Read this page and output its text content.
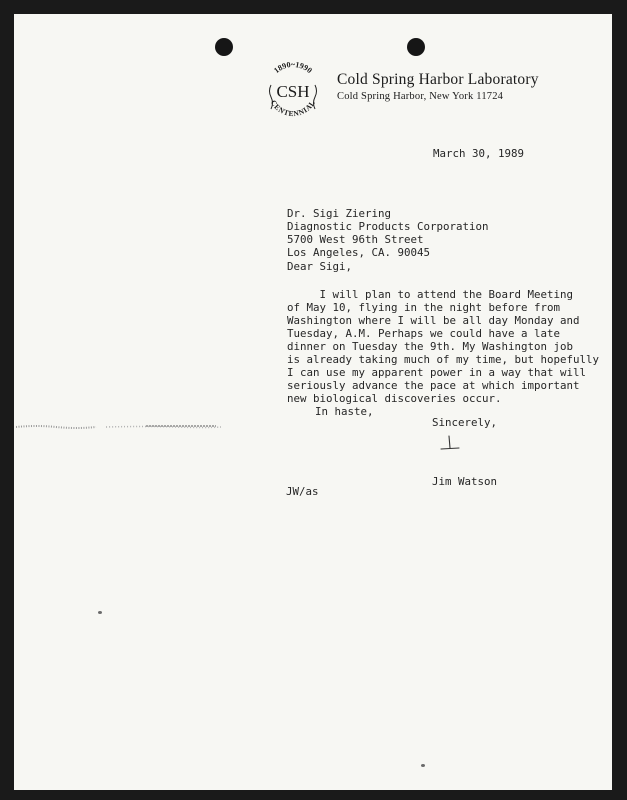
1890~1990
CSH
CENTENNIAL
Cold Spring Harbor Laboratory
Cold Spring Harbor, New York 11724
March 30, 1989
Dr. Sigi Ziering
Diagnostic Products Corporation
5700 West 96th Street
Los Angeles, CA. 90045
Dear Sigi,
I will plan to attend the Board Meeting
of May 10, flying in the night before from
Washington where I will be all day Monday and
Tuesday, A.M. Perhaps we could have a late
dinner on Tuesday the 9th. My Washington job
is already taking much of my time, but hopefully
I can use my apparent power in a way that will
seriously advance the pace at which important
new biological discoveries occur.
In haste,
Sincerely,
Jim Watson
JW/as
